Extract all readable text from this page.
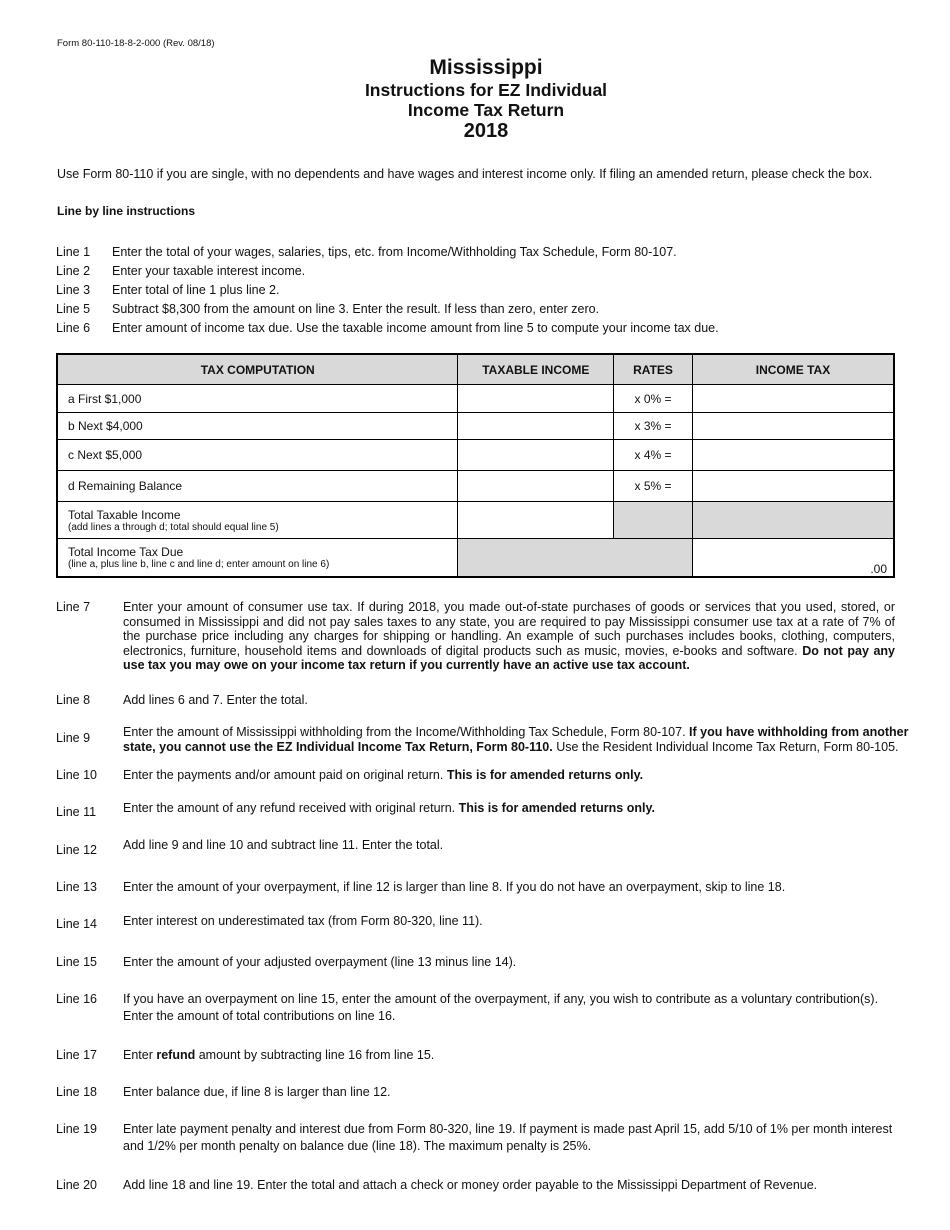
Form 80-110-18-8-2-000 (Rev. 08/18)
Mississippi
Instructions for EZ Individual
Income Tax Return
2018
Use Form 80-110 if you are single, with no dependents and have wages and interest income only. If filing an amended return, please check the box.
Line by line instructions
Line 1 Enter the total of your wages, salaries, tips, etc. from Income/Withholding Tax Schedule, Form 80-107.
Line 2 Enter your taxable interest income.
Line 3 Enter total of line 1 plus line 2.
Line 5 Subtract $8,300 from the amount on line 3. Enter the result. If less than zero, enter zero.
Line 6 Enter amount of income tax due. Use the taxable income amount from line 5 to compute your income tax due.
TAX COMPUTATION	TAXABLE INCOME	RATES	INCOME TAX
a First $1,000		x 0% =	
b Next $4,000		x 3% =	
c Next $5,000		x 4% =	
d Remaining Balance		x 5% =	

Total Taxable Income
(add lines a through d; total should equal line 5)			

Total Income Tax Due
(line a, plus line b, line c and line d; enter amount on line 6)			.00
Line 7	Enter your amount of consumer use tax. If during 2018, you made out-of-state purchases of goods or services that you used, stored, or consumed in Mississippi and did not pay sales taxes to any state, you are required to pay Mississippi consumer use tax at a rate of 7% of the purchase price including any charges for shipping or handling. An example of such purchases includes books, clothing, computers, electronics, furniture, household items and downloads of digital products such as music, movies, e-books and software. Do not pay any use tax you may owe on your income tax return if you currently have an active use tax account.
Line 8	Add lines 6 and 7. Enter the total.
Line 9	Enter the amount of Mississippi withholding from the Income/Withholding Tax Schedule, Form 80-107. If you have withholding from another state, you cannot use the EZ Individual Income Tax Return, Form 80-110. Use the Resident Individual Income Tax Return, Form 80-105.
Line 10 Enter the payments and/or amount paid on original return. This is for amended returns only.
Line 11 Enter the amount of any refund received with original return. This is for amended returns only.
Line 12 Add line 9 and line 10 and subtract line 11. Enter the total.
Line 13 Enter the amount of your overpayment, if line 12 is larger than line 8. If you do not have an overpayment, skip to line 18.
Line 14 Enter interest on underestimated tax (from Form 80-320, line 11).
Line 15 Enter the amount of your adjusted overpayment (line 13 minus line 14).
Line 16 If you have an overpayment on line 15, enter the amount of the overpayment, if any, you wish to contribute as a voluntary contribution(s).
Enter the amount of total contributions on line 16.
Line 17 Enter refund amount by subtracting line 16 from line 15.
Line 18 Enter balance due, if line 8 is larger than line 12.
Line 19 Enter late payment penalty and interest due from Form 80-320, line 19. If payment is made past April 15, add 5/10 of 1% per month interest
and 1/2% per month penalty on balance due (line 18). The maximum penalty is 25%.
Line 20 Add line 18 and line 19. Enter the total and attach a check or money order payable to the Mississippi Department of Revenue.
